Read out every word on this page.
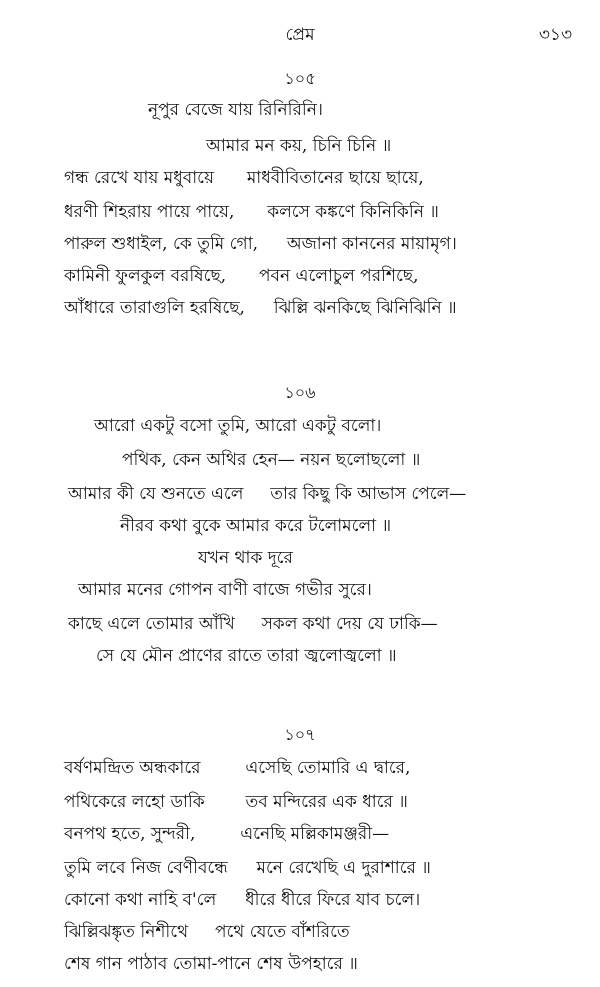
প্রেম	৩১৩
১০৫
নূপুর বেজে যায় রিনিরিনি।
আমার মন কয়, চিনি চিনি ॥
গন্ধ রেখে যায় মধুবায়ে মাধবীবিতানের ছায়ে ছায়ে,
ধরণী শিহরায় পায়ে পায়ে, কলসে কঙ্কণে কিনিকিনি ॥
পারুল শুধাইল, কে তুমি গো, অজানা কাননের মায়ামৃগ।
কামিনী ফুলকুল বরষিছে, পবন এলোচুল পরশিছে,
আঁধারে তারাগুলি হরষিছে, ঝিল্লি ঝনকিছে ঝিনিঝিনি ॥
১০৬
আরো একটু বসো তুমি, আরো একটু বলো।
পথিক, কেন অথির হেন— নয়ন ছলোছলো ॥
আমার কী যে শুনতে এলে তার কিছু কি আভাস পেলে—
নীরব কথা বুকে আমার করে টলোমলো ॥
যখন থাক দূরে
আমার মনের গোপন বাণী বাজে গভীর সুরে।
কাছে এলে তোমার আঁখি সকল কথা দেয় যে ঢাকি—
সে যে মৌন প্রাণের রাতে তারা জ্বলোজ্বলো ॥
১০৭
বর্ষণমন্দ্রিত অন্ধকারে	এসেছি তোমারি এ দ্বারে,
পথিকেরে লহো ডাকি তব মন্দিরের এক ধারে ॥
বনপথ হতে, সুন্দরী,	এনেছি মল্লিকামঞ্জরী—
তুমি লবে নিজ বেণীবন্ধে মনে রেখেছি এ দুরাশারে ॥
কোনো কথা নাহি ব'লে ধীরে ধীরে ফিরে যাব চলে।
ঝিল্লিঝঙ্কৃত নিশীথে পথে যেতে বাঁশরিতে
শেষ গান পাঠাব তোমা-পানে শেষ উপহারে ॥
